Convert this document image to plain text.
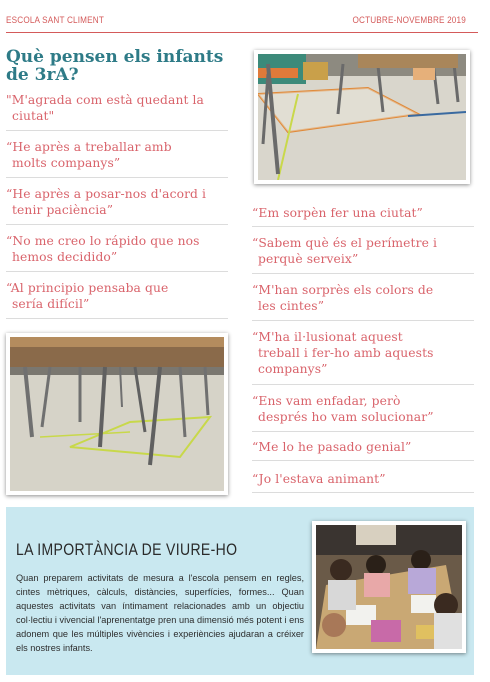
ESCOLA SANT CLIMENT	OCTUBRE-NOVEMBRE 2019
Què pensen els infants de 3rA?
"M'agrada com està quedant la
ciutat"
“He après a treballar amb
molts companys”
“He après a posar-nos d'acord i
tenir paciència”
“No me creo lo rápido que nos
hemos decidido”
“Al principio pensaba que
sería difícil”
“Em sorpèn fer una ciutat”
“Sabem què és el perímetre i
perquè serveix”
“M'han sorprès els colors de
les cintes”
“M'ha il·lusionat aquest
treball i fer-ho amb aquests
companys”
“Ens vam enfadar, però
després ho vam solucionar”
“Me lo he pasado genial”
“Jo l'estava animant”
LA IMPORTÀNCIA DE VIURE-HO
Quan preparem activitats de mesura a l'escola pensem en regles, cintes mètriques, càlculs, distàncies, superfícies, formes... Quan aquestes activitats van íntimament relacionades amb un objectiu col·lectiu i vivencial l'aprenentatge pren una dimensió més potent i ens adonem que les múltiples vivències i experiències ajudaran a créixer els nostres infants.
